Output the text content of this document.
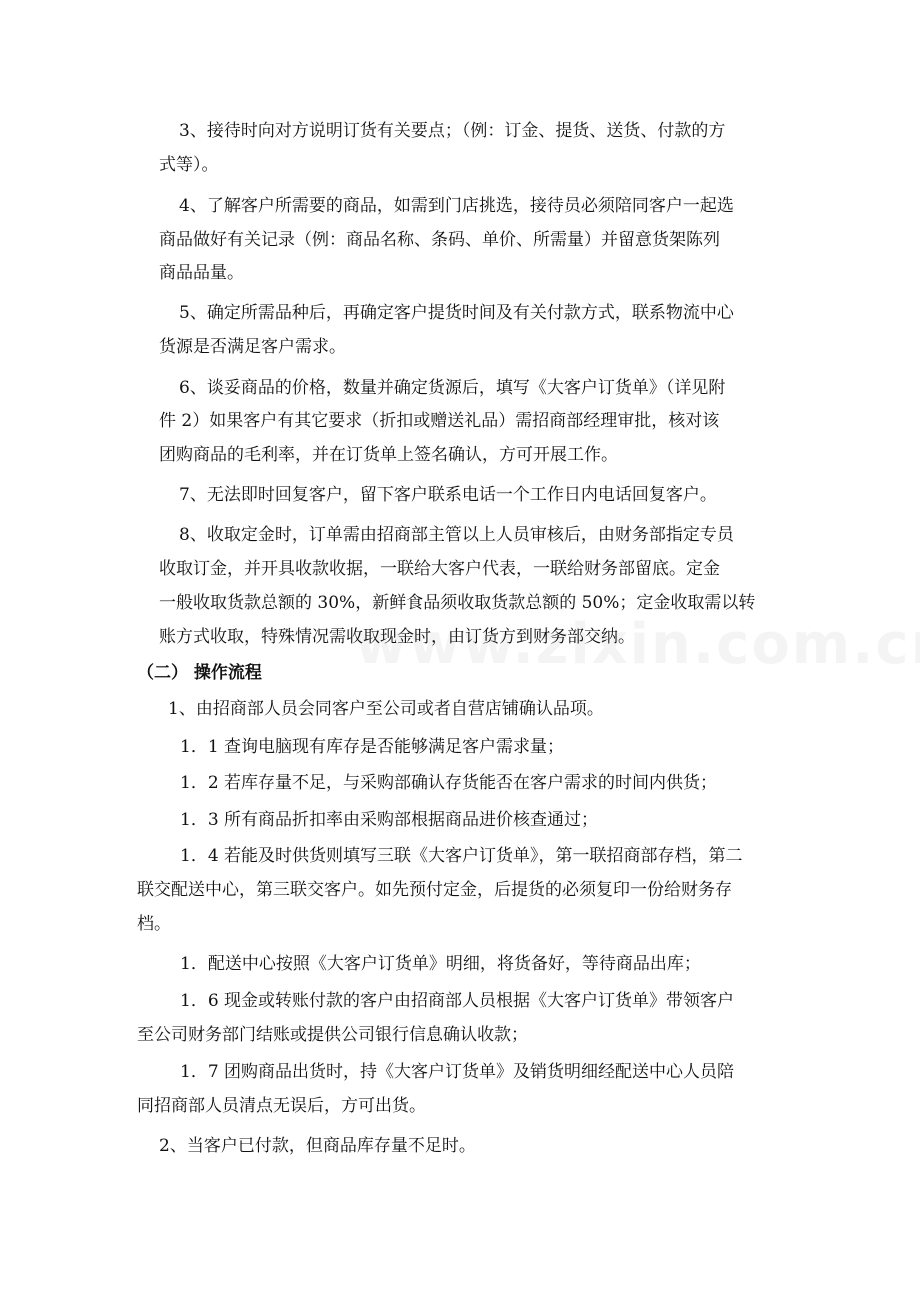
3、接待时向对方说明订货有关要点；（例：订金、提货、送货、付款的方
式等）。
4、了解客户所需要的商品，如需到门店挑选，接待员必须陪同客户一起选
商品做好有关记录（例：商品名称、条码、单价、所需量）并留意货架陈列
商品品量。
5、确定所需品种后，再确定客户提货时间及有关付款方式，联系物流中心
货源是否满足客户需求。
6、谈妥商品的价格，数量并确定货源后，填写《大客户订货单》（详见附
件 2）如果客户有其它要求（折扣或赠送礼品）需招商部经理审批，核对该
团购商品的毛利率，并在订货单上签名确认，方可开展工作。
7、无法即时回复客户，留下客户联系电话一个工作日内电话回复客户。
8、收取定金时，订单需由招商部主管以上人员审核后，由财务部指定专员
收取订金，并开具收款收据，一联给大客户代表，一联给财务部留底。定金
一般收取货款总额的 30%，新鲜食品须收取货款总额的 50%；定金收取需以转
账方式收取，特殊情况需收取现金时，由订货方到财务部交纳。
（二） 操作流程
1、由招商部人员会同客户至公司或者自营店铺确认品项。
1．1 查询电脑现有库存是否能够满足客户需求量；
1．2 若库存量不足，与采购部确认存货能否在客户需求的时间内供货；
1．3 所有商品折扣率由采购部根据商品进价核查通过；
1．4 若能及时供货则填写三联《大客户订货单》，第一联招商部存档，第二
联交配送中心，第三联交客户。如先预付定金，后提货的必须复印一份给财务存
档。
1．配送中心按照《大客户订货单》明细，将货备好，等待商品出库；
1．6 现金或转账付款的客户由招商部人员根据《大客户订货单》带领客户
至公司财务部门结账或提供公司银行信息确认收款；
1．7 团购商品出货时，持《大客户订货单》及销货明细经配送中心人员陪
同招商部人员清点无误后，方可出货。
2、当客户已付款，但商品库存量不足时。
